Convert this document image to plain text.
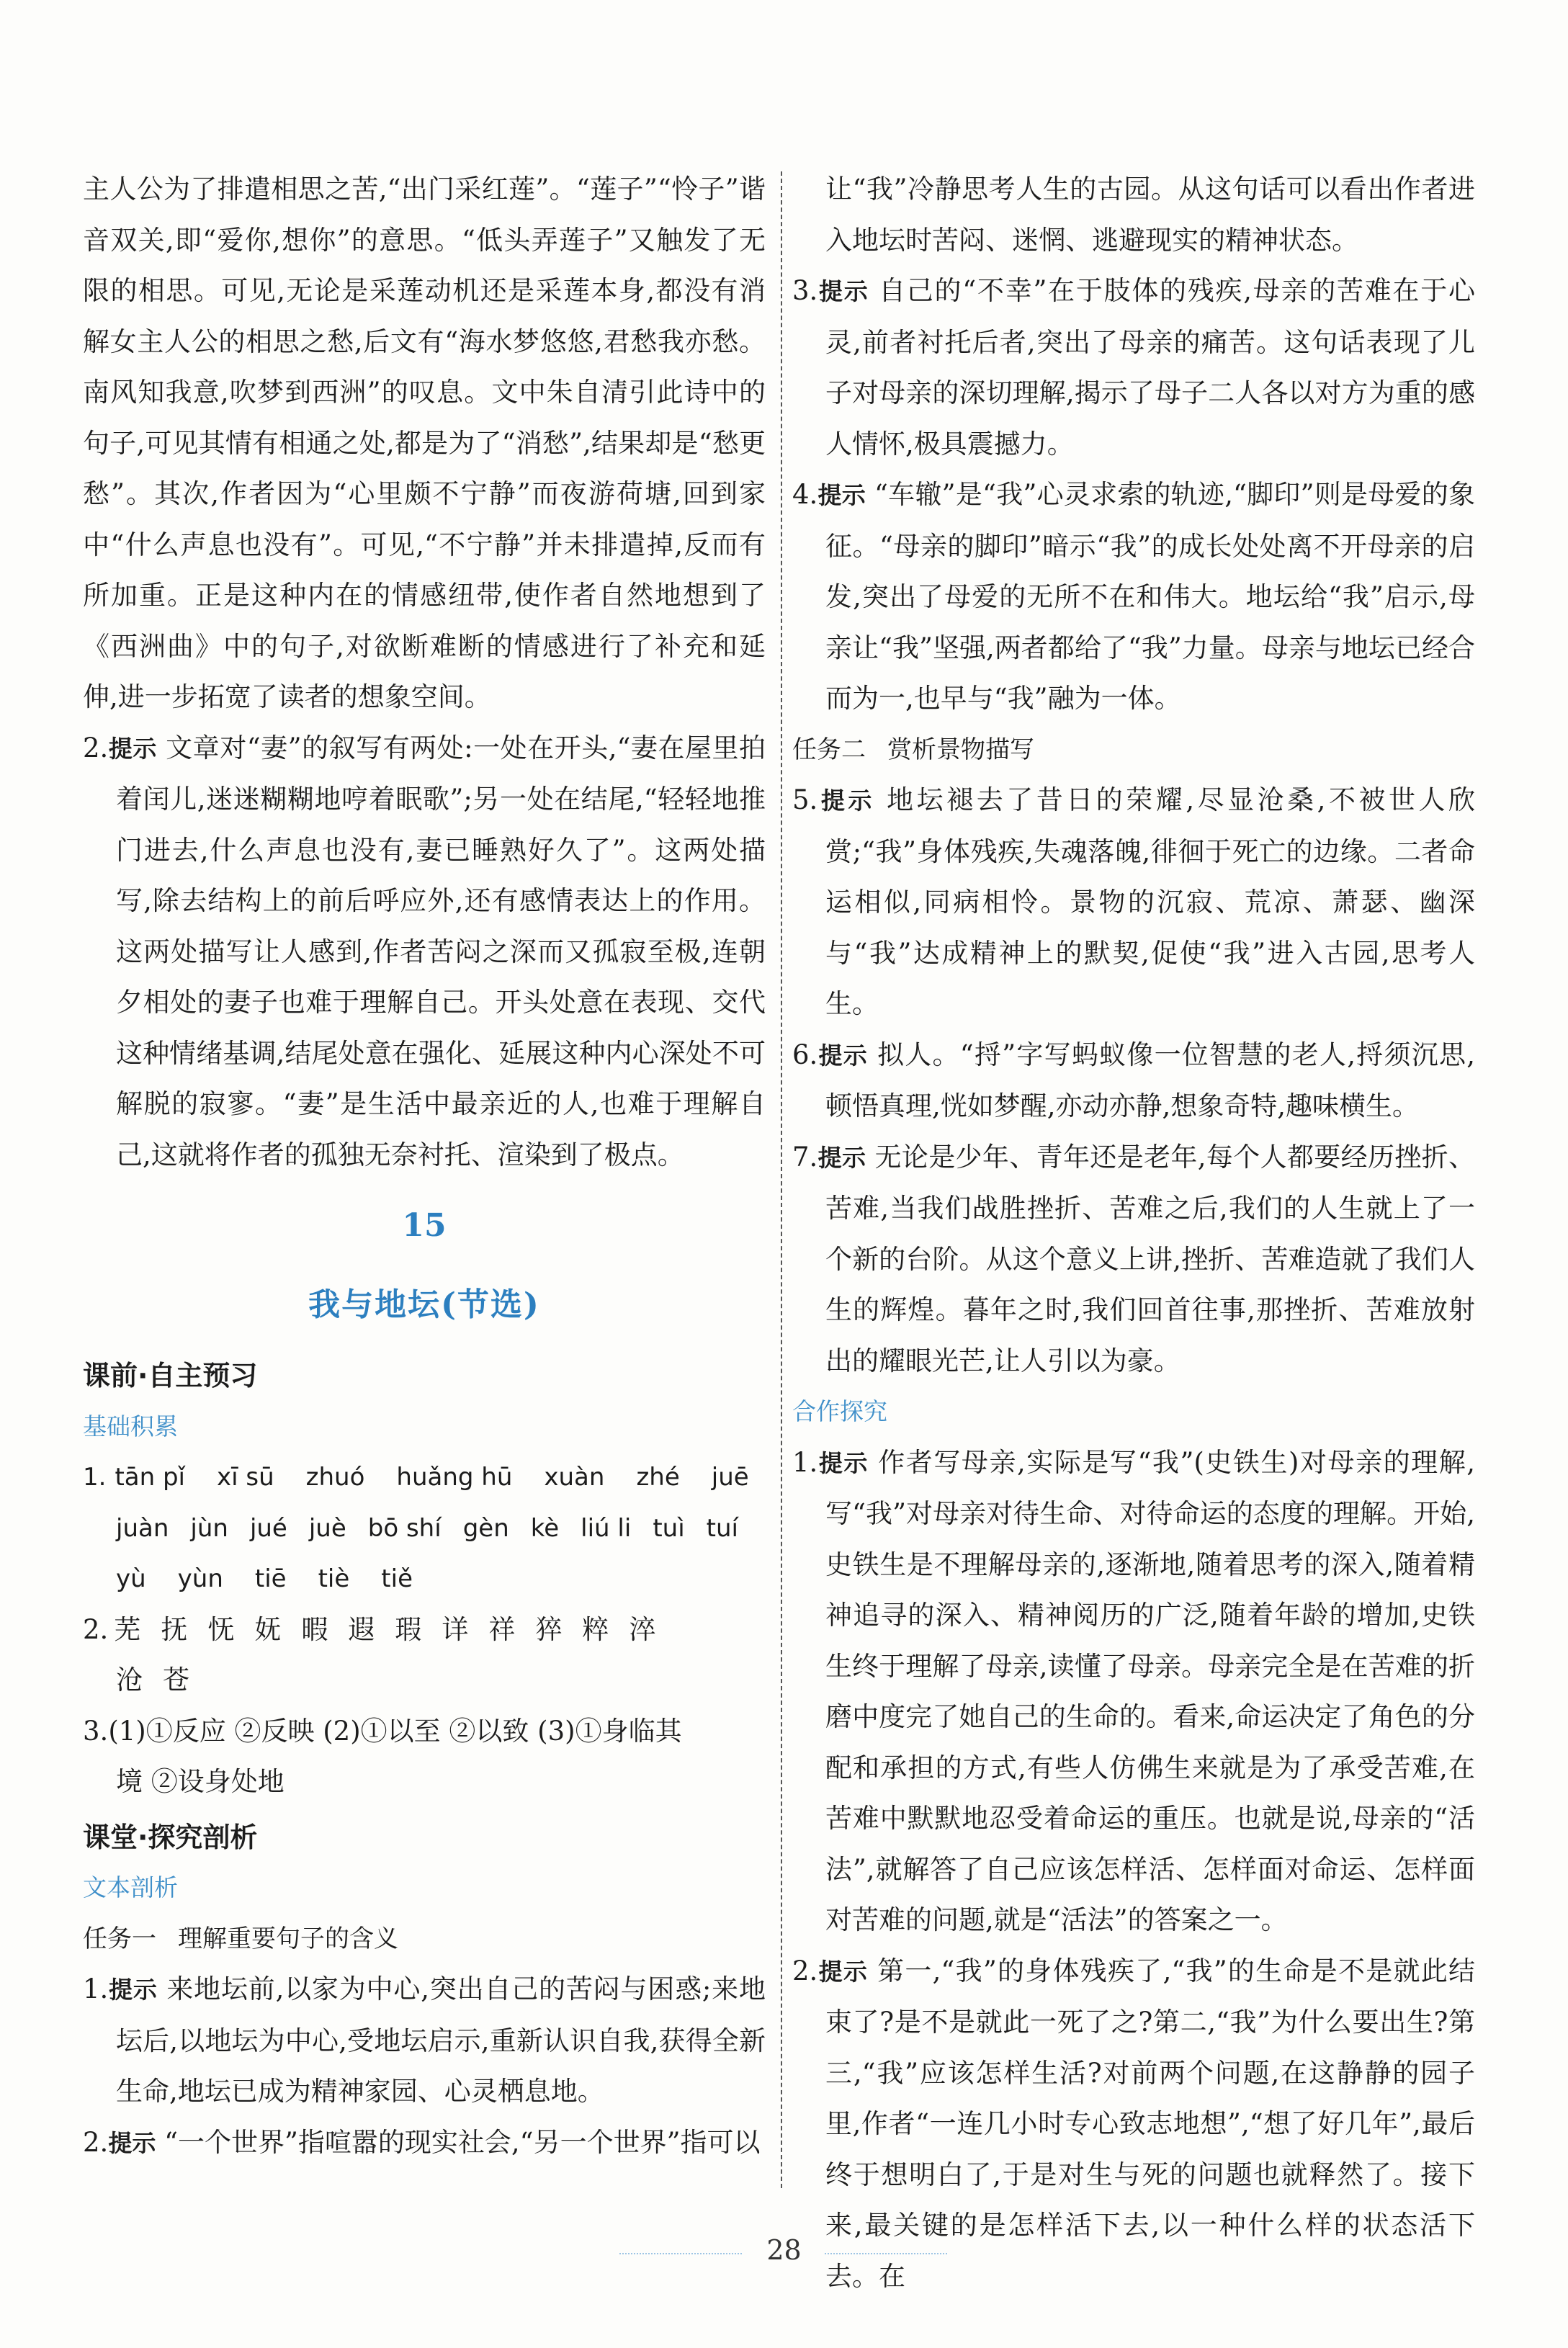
主人公为了排遣相思之苦,“出门采红莲”。“莲子”“怜子”谐音双关,即“爱你,想你”的意思。“低头弄莲子”又触发了无限的相思。可见,无论是采莲动机还是采莲本身,都没有消解女主人公的相思之愁,后文有“海水梦悠悠,君愁我亦愁。南风知我意,吹梦到西洲”的叹息。文中朱自清引此诗中的句子,可见其情有相通之处,都是为了“消愁”,结果却是“愁更愁”。其次,作者因为“心里颇不宁静”而夜游荷塘,回到家中“什么声息也没有”。可见,“不宁静”并未排遣掉,反而有所加重。正是这种内在的情感纽带,使作者自然地想到了《西洲曲》中的句子,对欲断难断的情感进行了补充和延伸,进一步拓宽了读者的想象空间。

2.提示 文章对“妻”的叙写有两处:一处在开头,“妻在屋里拍着闰儿,迷迷糊糊地哼着眠歌”;另一处在结尾,“轻轻地推门进去,什么声息也没有,妻已睡熟好久了”。这两处描写,除去结构上的前后呼应外,还有感情表达上的作用。这两处描写让人感到,作者苦闷之深而又孤寂至极,连朝夕相处的妻子也难于理解自己。开头处意在表现、交代这种情绪基调,结尾处意在强化、延展这种内心深处不可解脱的寂寥。“妻”是生活中最亲近的人,也难于理解自己,这就将作者的孤独无奈衬托、渲染到了极点。

15
我与地坛(节选)
课前·自主预习
基础积累
1. tān pǐ xī sū zhuó huǎng hū xuàn zhé juē
juàn jùn jué juè bō shí gèn kè liú li tuì tuí
yù yùn tiē tiè tiě
2. 芜 抚 怃 妩 暇 遐 瑕 详 祥 猝 粹 淬
沧 苍
3.(1)①反应 ②反映 (2)①以至 ②以致 (3)①身临其
境 ②设身处地
课堂·探究剖析
文本剖析
任务一 理解重要句子的含义

1.提示 来地坛前,以家为中心,突出自己的苦闷与困惑;来地坛后,以地坛为中心,受地坛启示,重新认识自我,获得全新生命,地坛已成为精神家园、心灵栖息地。

2.提示 “一个世界”指喧嚣的现实社会,“另一个世界”指可以

让“我”冷静思考人生的古园。从这句话可以看出作者进入地坛时苦闷、迷惘、逃避现实的精神状态。

3.提示 自己的“不幸”在于肢体的残疾,母亲的苦难在于心灵,前者衬托后者,突出了母亲的痛苦。这句话表现了儿子对母亲的深切理解,揭示了母子二人各以对方为重的感人情怀,极具震撼力。

4.提示 “车辙”是“我”心灵求索的轨迹,“脚印”则是母爱的象征。“母亲的脚印”暗示“我”的成长处处离不开母亲的启发,突出了母爱的无所不在和伟大。地坛给“我”启示,母亲让“我”坚强,两者都给了“我”力量。母亲与地坛已经合而为一,也早与“我”融为一体。

任务二 赏析景物描写

5.提示 地坛褪去了昔日的荣耀,尽显沧桑,不被世人欣赏;“我”身体残疾,失魂落魄,徘徊于死亡的边缘。二者命运相似,同病相怜。景物的沉寂、荒凉、萧瑟、幽深与“我”达成精神上的默契,促使“我”进入古园,思考人生。

6.提示 拟人。“捋”字写蚂蚁像一位智慧的老人,捋须沉思,顿悟真理,恍如梦醒,亦动亦静,想象奇特,趣味横生。

7.提示 无论是少年、青年还是老年,每个人都要经历挫折、苦难,当我们战胜挫折、苦难之后,我们的人生就上了一个新的台阶。从这个意义上讲,挫折、苦难造就了我们人生的辉煌。暮年之时,我们回首往事,那挫折、苦难放射出的耀眼光芒,让人引以为豪。

合作探究

1.提示 作者写母亲,实际是写“我”(史铁生)对母亲的理解,写“我”对母亲对待生命、对待命运的态度的理解。开始,史铁生是不理解母亲的,逐渐地,随着思考的深入,随着精神追寻的深入、精神阅历的广泛,随着年龄的增加,史铁生终于理解了母亲,读懂了母亲。母亲完全是在苦难的折磨中度完了她自己的生命的。看来,命运决定了角色的分配和承担的方式,有些人仿佛生来就是为了承受苦难,在苦难中默默地忍受着命运的重压。也就是说,母亲的“活法”,就解答了自己应该怎样活、怎样面对命运、怎样面对苦难的问题,就是“活法”的答案之一。

2.提示 第一,“我”的身体残疾了,“我”的生命是不是就此结束了?是不是就此一死了之?第二,“我”为什么要出生?第三,“我”应该怎样生活?对前两个问题,在这静静的园子里,作者“一连几小时专心致志地想”,“想了好几年”,最后终于想明白了,于是对生与死的问题也就释然了。接下来,最关键的是怎样活下去,以一种什么样的状态活下去。在

28
